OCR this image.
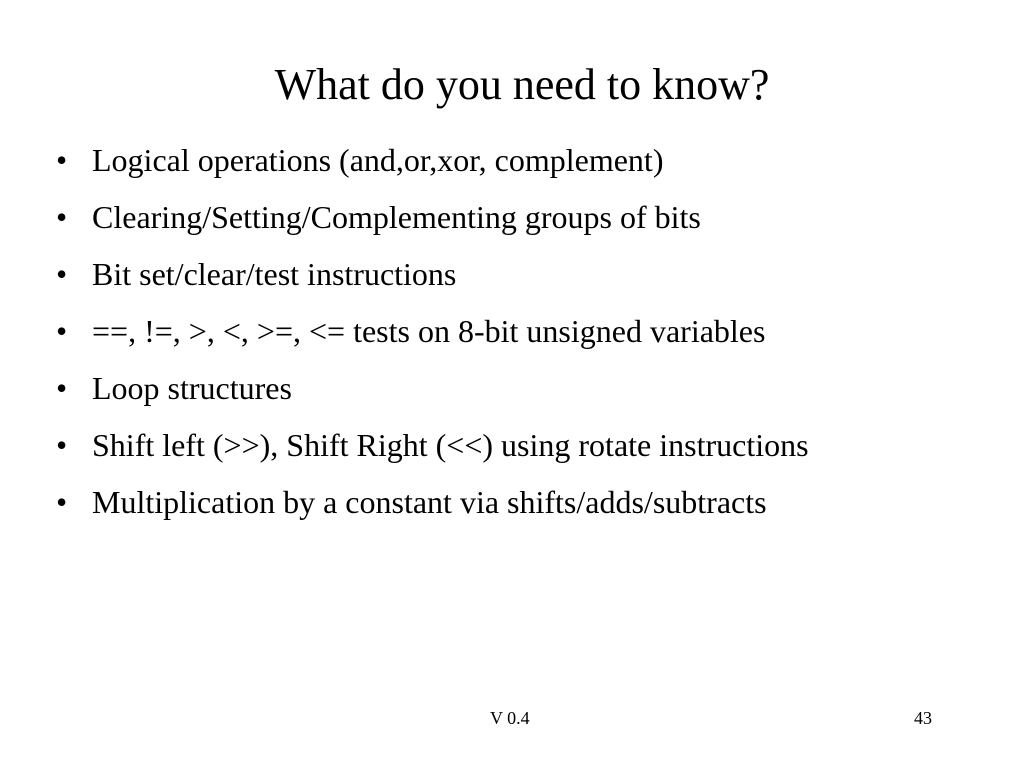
What do you need to know?
• Logical operations (and,or,xor, complement)
• Clearing/Setting/Complementing groups of bits
• Bit set/clear/test instructions
• ==, !=, >, <, >=, <= tests on 8-bit unsigned variables
• Loop structures
• Shift left (>>), Shift Right (<<) using rotate instructions
• Multiplication by a constant via shifts/adds/subtracts
V 0.4	43
